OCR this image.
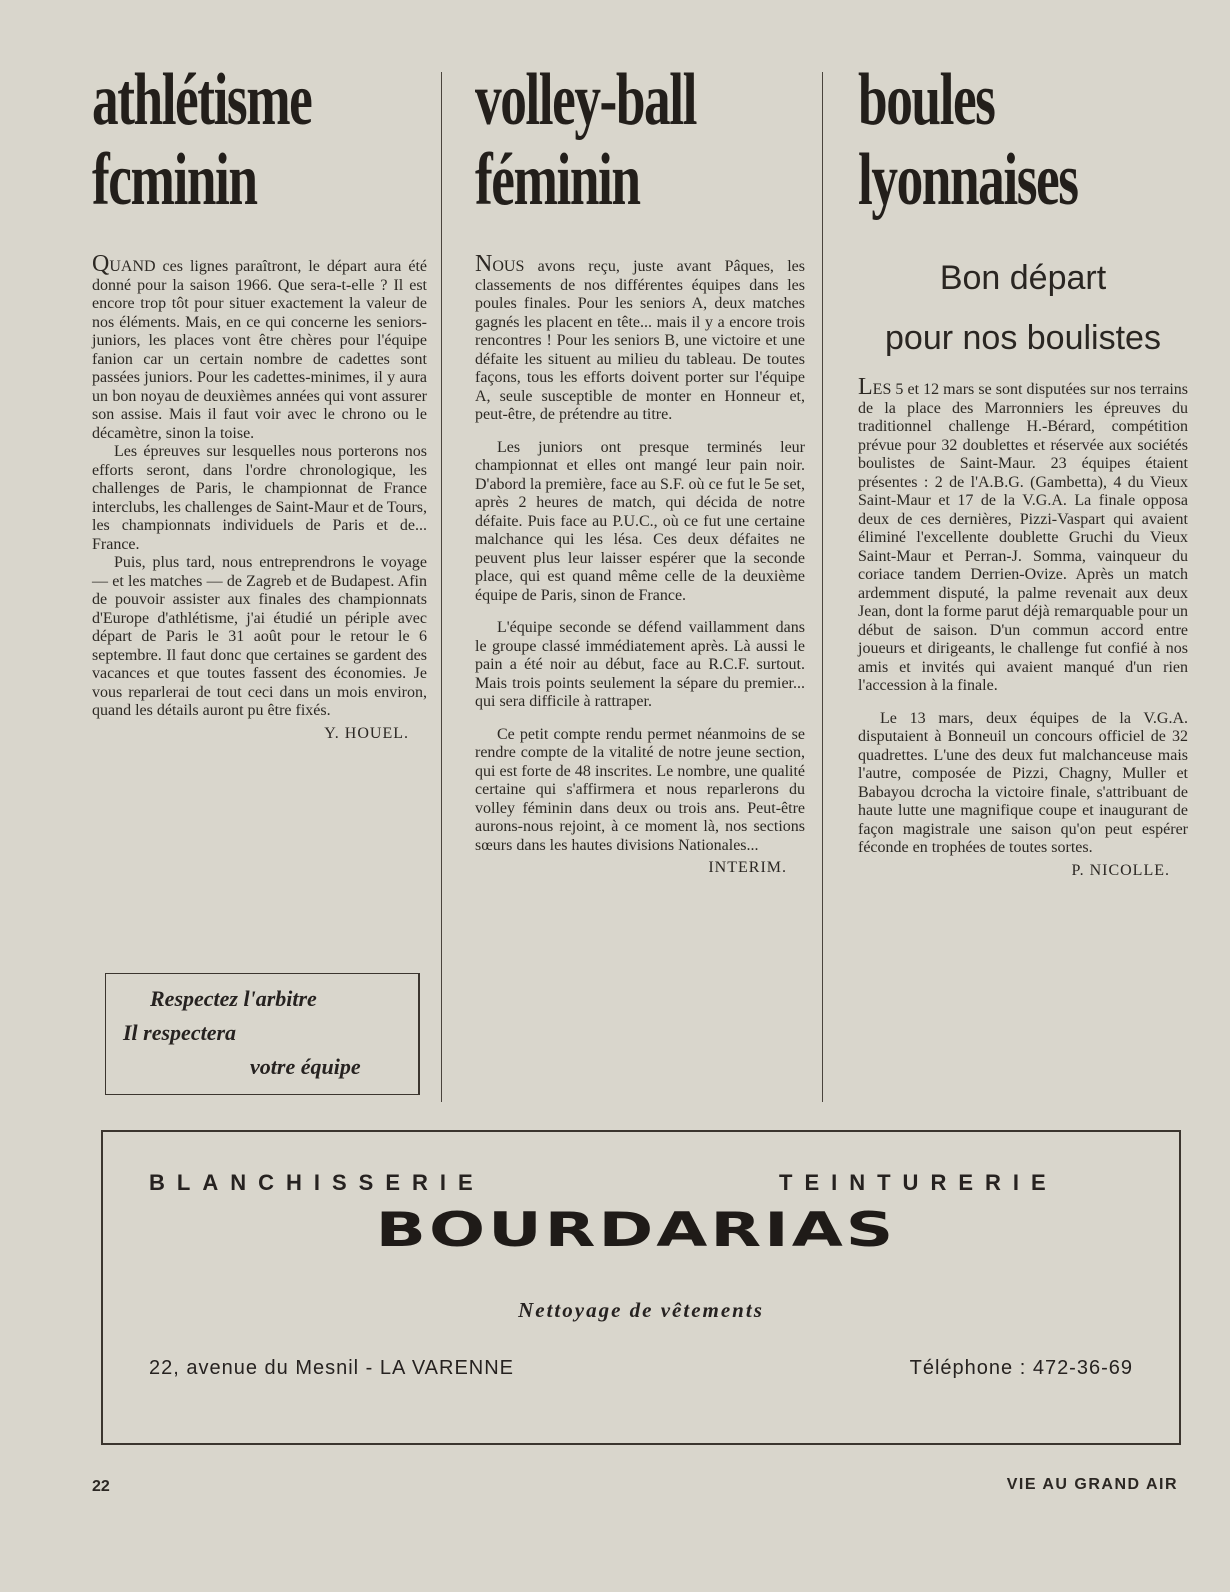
athlétisme
fcminin

QUAND ces lignes paraîtront, le départ aura été donné pour la saison 1966. Que sera-t-elle ? Il est encore trop tôt pour situer exactement la valeur de nos éléments. Mais, en ce qui concerne les seniors-juniors, les places vont être chères pour l'équipe fanion car un certain nombre de cadettes sont passées juniors. Pour les cadettes-minimes, il y aura un bon noyau de deuxièmes années qui vont assurer son assise. Mais il faut voir avec le chrono ou le décamètre, sinon la toise.

Les épreuves sur lesquelles nous porterons nos efforts seront, dans l'ordre chronologique, les challenges de Paris, le championnat de France interclubs, les challenges de Saint-Maur et de Tours, les championnats individuels de Paris et de... France.

Puis, plus tard, nous entreprendrons le voyage — et les matches — de Zagreb et de Budapest. Afin de pouvoir assister aux finales des championnats d'Europe d'athlétisme, j'ai étudié un périple avec départ de Paris le 31 août pour le retour le 6 septembre. Il faut donc que certaines se gardent des vacances et que toutes fassent des économies. Je vous reparlerai de tout ceci dans un mois environ, quand les détails auront pu être fixés.

Y. HOUEL.
Respectez l'arbitre
Il respectera
votre équipe
volley-ball
féminin

NOUS avons reçu, juste avant Pâques, les classements de nos différentes équipes dans les poules finales. Pour les seniors A, deux matches gagnés les placent en tête... mais il y a encore trois rencontres ! Pour les seniors B, une victoire et une défaite les situent au milieu du tableau. De toutes façons, tous les efforts doivent porter sur l'équipe A, seule susceptible de monter en Honneur et, peut-être, de prétendre au titre.

Les juniors ont presque terminés leur championnat et elles ont mangé leur pain noir. D'abord la première, face au S.F. où ce fut le 5e set, après 2 heures de match, qui décida de notre défaite. Puis face au P.U.C., où ce fut une certaine malchance qui les lésa. Ces deux défaites ne peuvent plus leur laisser espérer que la seconde place, qui est quand même celle de la deuxième équipe de Paris, sinon de France.

L'équipe seconde se défend vaillamment dans le groupe classé immédiatement après. Là aussi le pain a été noir au début, face au R.C.F. surtout. Mais trois points seulement la sépare du premier... qui sera difficile à rattraper.

Ce petit compte rendu permet néanmoins de se rendre compte de la vitalité de notre jeune section, qui est forte de 48 inscrites. Le nombre, une qualité certaine qui s'affirmera et nous reparlerons du volley féminin dans deux ou trois ans. Peut-être aurons-nous rejoint, à ce moment là, nos sections sœurs dans les hautes divisions Nationales...

INTERIM.
boules
lyonnaises
Bon départ
pour nos boulistes

LES 5 et 12 mars se sont disputées sur nos terrains de la place des Marronniers les épreuves du traditionnel challenge H.-Bérard, compétition prévue pour 32 doublettes et réservée aux sociétés boulistes de Saint-Maur. 23 équipes étaient présentes : 2 de l'A.B.G. (Gambetta), 4 du Vieux Saint-Maur et 17 de la V.G.A. La finale opposa deux de ces dernières, Pizzi-Vaspart qui avaient éliminé l'excellente doublette Gruchi du Vieux Saint-Maur et Perran-J. Somma, vainqueur du coriace tandem Derrien-Ovize. Après un match ardemment disputé, la palme revenait aux deux Jean, dont la forme parut déjà remarquable pour un début de saison. D'un commun accord entre joueurs et dirigeants, le challenge fut confié à nos amis et invités qui avaient manqué d'un rien l'accession à la finale.

Le 13 mars, deux équipes de la V.G.A. disputaient à Bonneuil un concours officiel de 32 quadrettes. L'une des deux fut malchanceuse mais l'autre, composée de Pizzi, Chagny, Muller et Babayou dcrocha la victoire finale, s'attribuant de haute lutte une magnifique coupe et inaugurant de façon magistrale une saison qu'on peut espérer féconde en trophées de toutes sortes.

P. NICOLLE.
BLANCHISSERIE	TEINTURERIE
BOURDARIAS
Nettoyage de vêtements
22, avenue du Mesnil - LA VARENNE	Téléphone : 472-36-69
22	VIE AU GRAND AIR
